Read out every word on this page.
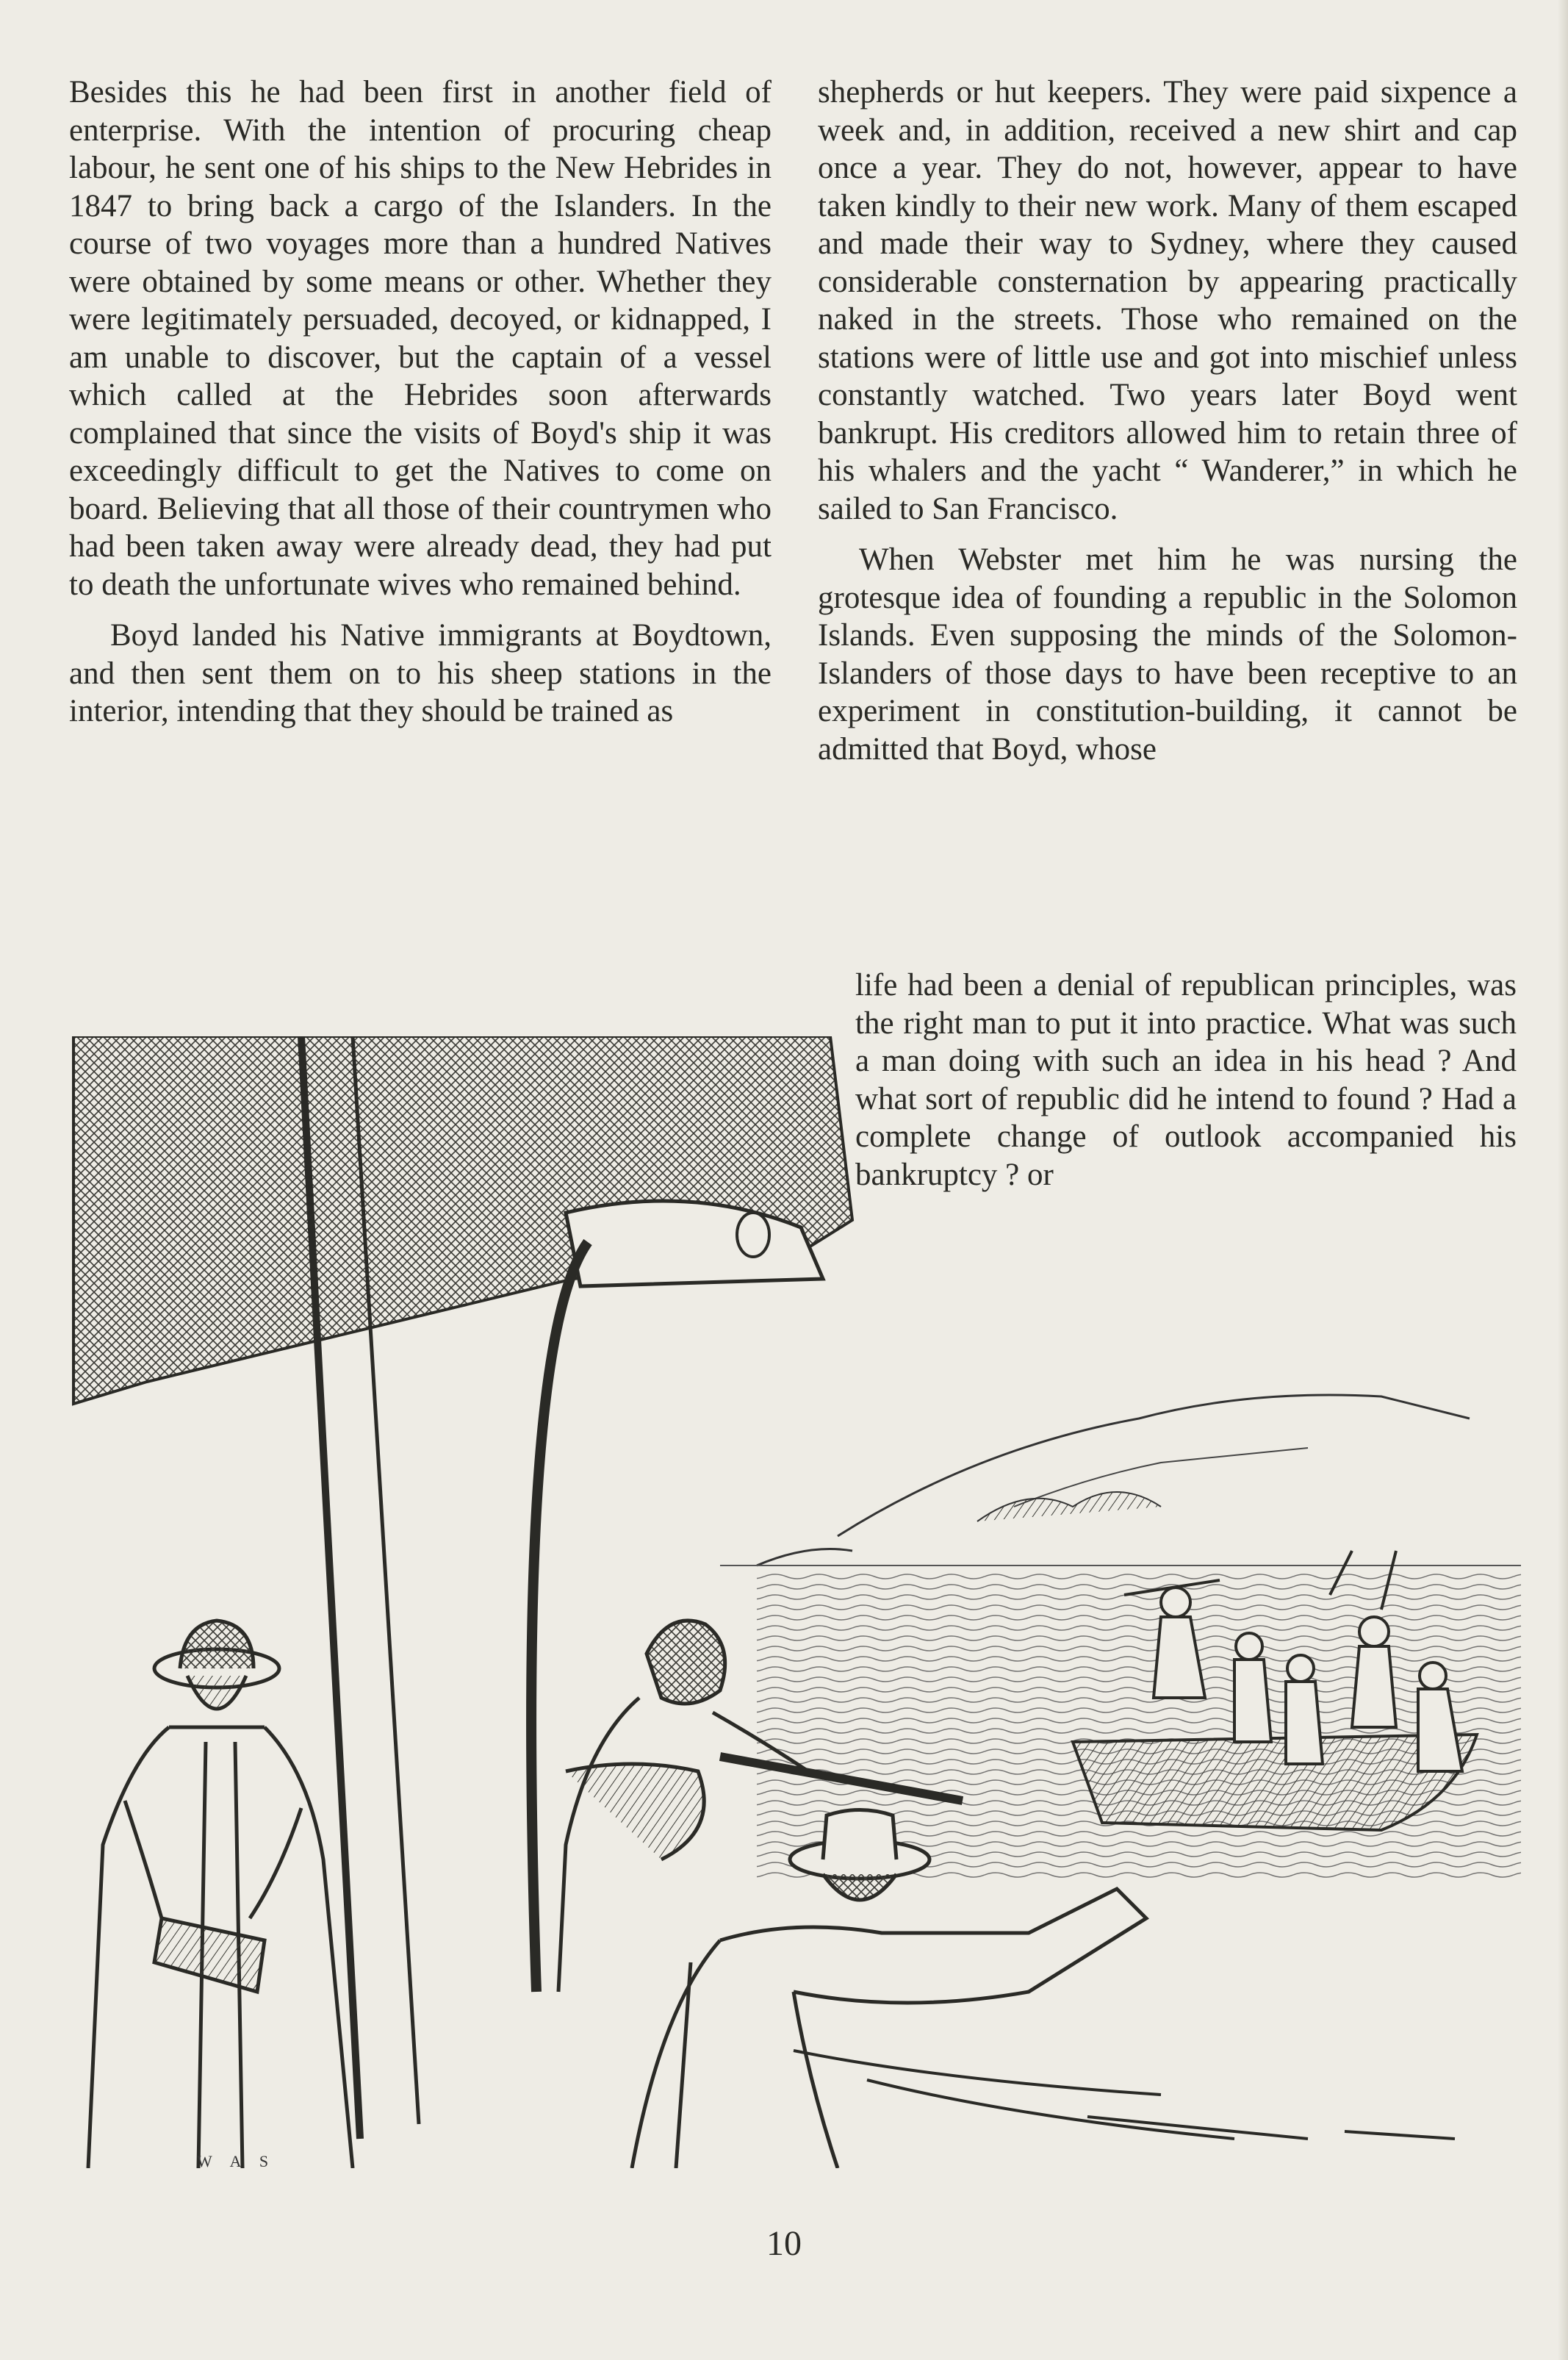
Besides this he had been first in another field of enterprise. With the intention of procuring cheap labour, he sent one of his ships to the New Hebrides in 1847 to bring back a cargo of the Islanders. In the course of two voyages more than a hundred Natives were obtained by some means or other. Whether they were legitimately persuaded, decoyed, or kidnapped, I am unable to discover, but the captain of a vessel which called at the Hebrides soon afterwards complained that since the visits of Boyd's ship it was exceedingly difficult to get the Natives to come on board. Believing that all those of their countrymen who had been taken away were already dead, they had put to death the unfortunate wives who remained behind.

Boyd landed his Native immigrants at Boydtown, and then sent them on to his sheep stations in the interior, intending that they should be trained as

shepherds or hut keepers. They were paid sixpence a week and, in addition, received a new shirt and cap once a year. They do not, however, appear to have taken kindly to their new work. Many of them escaped and made their way to Sydney, where they caused considerable consternation by appearing practically naked in the streets. Those who remained on the stations were of little use and got into mischief unless constantly watched. Two years later Boyd went bankrupt. His creditors allowed him to retain three of his whalers and the yacht “ Wanderer,” in which he sailed to San Francisco.

When Webster met him he was nursing the grotesque idea of founding a republic in the Solomon Islands. Even supposing the minds of the Solomon-Islanders of those days to have been receptive to an experiment in constitution-building, it cannot be admitted that Boyd, whose

life had been a denial of republican principles, was the right man to put it into practice. What was such a man doing with such an idea in his head ? And what sort of republic did he intend to found ? Had a complete change of outlook accompanied his bankruptcy ? or

W A S
10
